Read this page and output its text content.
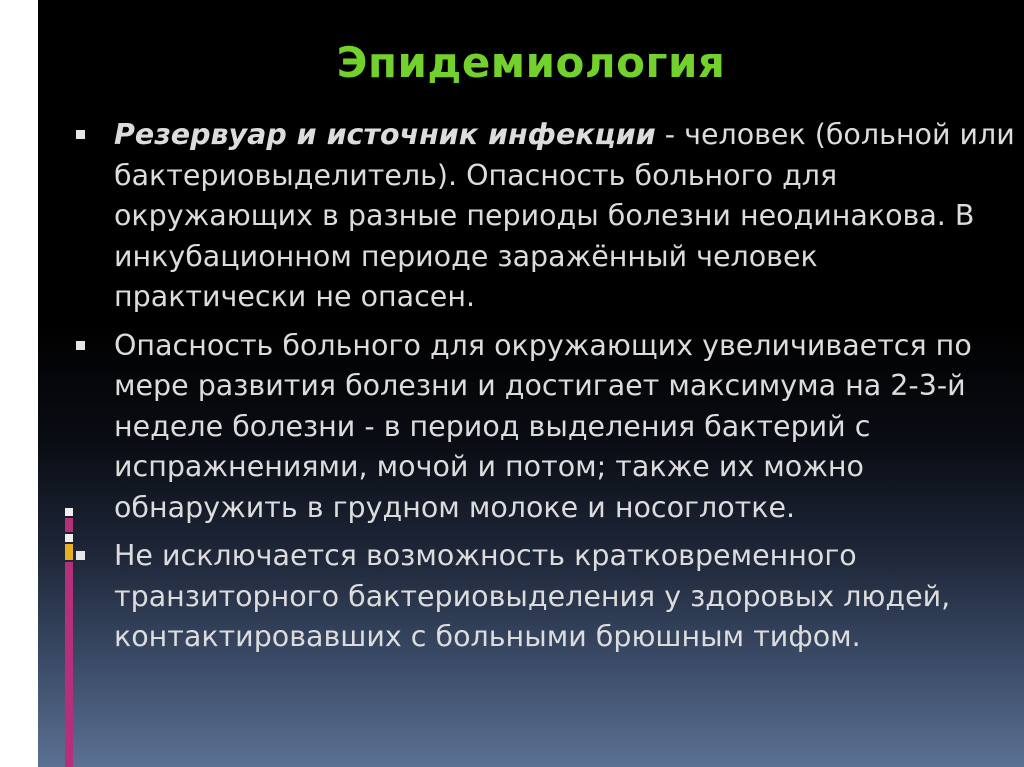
Эпидемиология
Резервуар и источник инфекции - человек (больной или бактериовыделитель). Опасность больного для окружающих в разные периоды болезни неодинакова. В инкубационном периоде заражённый человек практически не опасен.
Опасность больного для окружающих увеличивается по мере развития болезни и достигает максимума на 2-3-й неделе болезни - в период выделения бактерий с испражнениями, мочой и потом; также их можно обнаружить в грудном молоке и носоглотке.
Не исключается возможность кратковременного транзиторного бактериовыделения у здоровых людей, контактировавших с больными брюшным тифом.
